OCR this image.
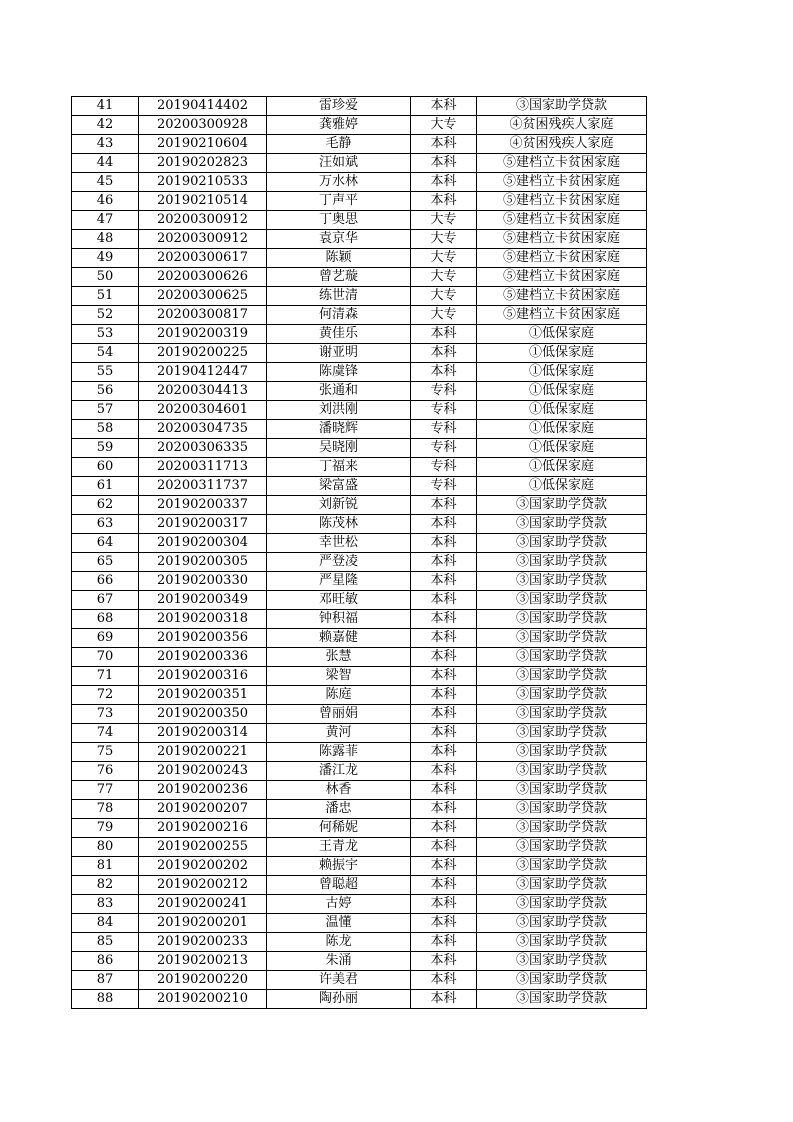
41	20190414402	雷珍爱	本科	③国家助学贷款
42	20200300928	龚雅婷	大专	④贫困残疾人家庭
43	20190210604	毛静	本科	④贫困残疾人家庭
44	20190202823	汪如斌	本科	⑤建档立卡贫困家庭
45	20190210533	万水林	本科	⑤建档立卡贫困家庭
46	20190210514	丁声平	本科	⑤建档立卡贫困家庭
47	20200300912	丁奥思	大专	⑤建档立卡贫困家庭
48	20200300912	袁京华	大专	⑤建档立卡贫困家庭
49	20200300617	陈颖	大专	⑤建档立卡贫困家庭
50	20200300626	曾艺璇	大专	⑤建档立卡贫困家庭
51	20200300625	练世清	大专	⑤建档立卡贫困家庭
52	20200300817	何清森	大专	⑤建档立卡贫困家庭
53	20190200319	黄佳乐	本科	①低保家庭
54	20190200225	谢亚明	本科	①低保家庭
55	20190412447	陈虞锋	本科	①低保家庭
56	20200304413	张通和	专科	①低保家庭
57	20200304601	刘洪刚	专科	①低保家庭
58	20200304735	潘晓辉	专科	①低保家庭
59	20200306335	吴晓刚	专科	①低保家庭
60	20200311713	丁福来	专科	①低保家庭
61	20200311737	梁富盛	专科	①低保家庭
62	20190200337	刘新锐	本科	③国家助学贷款
63	20190200317	陈茂林	本科	③国家助学贷款
64	20190200304	幸世松	本科	③国家助学贷款
65	20190200305	严登凌	本科	③国家助学贷款
66	20190200330	严星隆	本科	③国家助学贷款
67	20190200349	邓旺敏	本科	③国家助学贷款
68	20190200318	钟积福	本科	③国家助学贷款
69	20190200356	赖嘉健	本科	③国家助学贷款
70	20190200336	张慧	本科	③国家助学贷款
71	20190200316	梁智	本科	③国家助学贷款
72	20190200351	陈庭	本科	③国家助学贷款
73	20190200350	曾丽娟	本科	③国家助学贷款
74	20190200314	黄河	本科	③国家助学贷款
75	20190200221	陈露菲	本科	③国家助学贷款
76	20190200243	潘江龙	本科	③国家助学贷款
77	20190200236	林香	本科	③国家助学贷款
78	20190200207	潘忠	本科	③国家助学贷款
79	20190200216	何稀妮	本科	③国家助学贷款
80	20190200255	王青龙	本科	③国家助学贷款
81	20190200202	赖振宇	本科	③国家助学贷款
82	20190200212	曾聪超	本科	③国家助学贷款
83	20190200241	古婷	本科	③国家助学贷款
84	20190200201	温懂	本科	③国家助学贷款
85	20190200233	陈龙	本科	③国家助学贷款
86	20190200213	朱涌	本科	③国家助学贷款
87	20190200220	许美君	本科	③国家助学贷款
88	20190200210	陶孙丽	本科	③国家助学贷款
